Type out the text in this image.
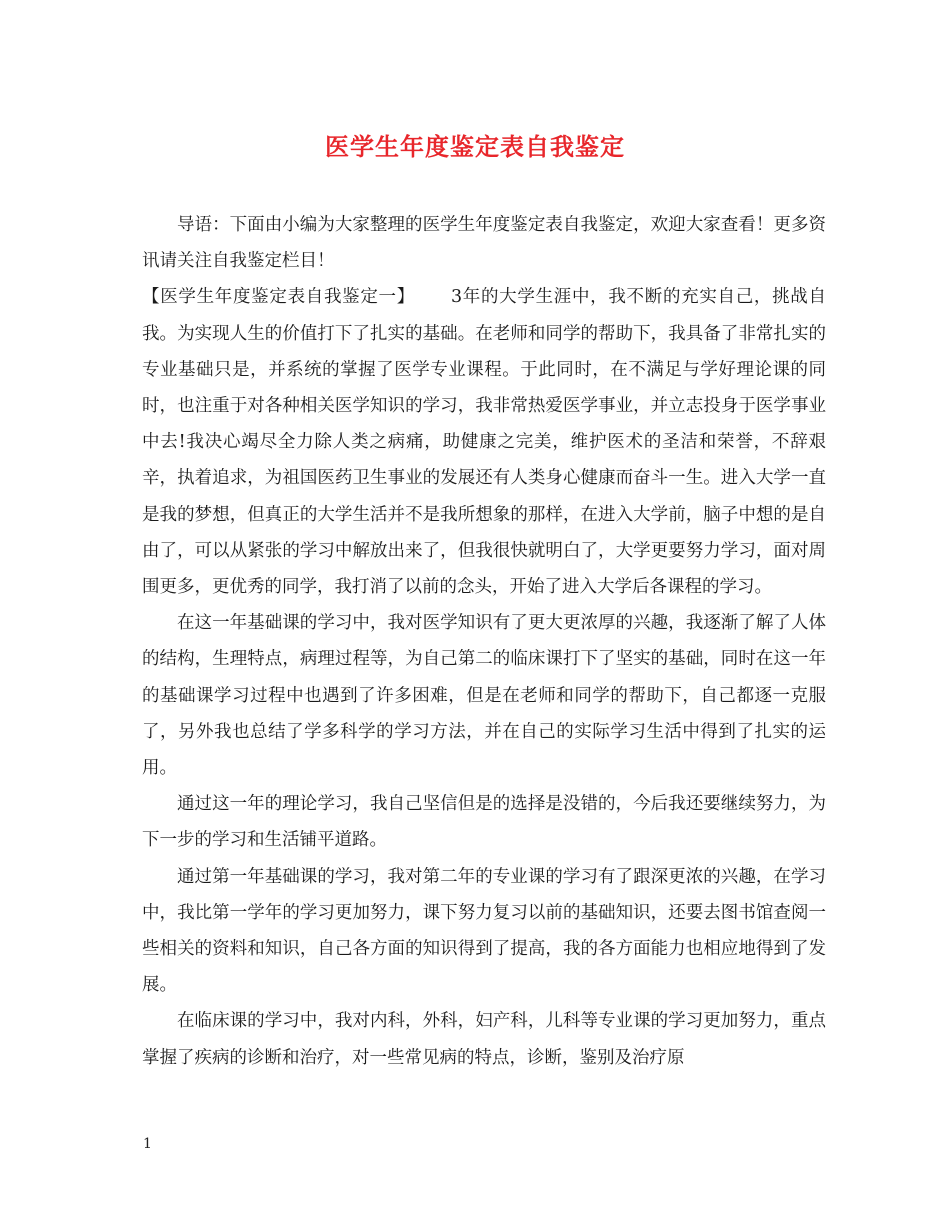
医学生年度鉴定表自我鉴定

导语：下面由小编为大家整理的医学生年度鉴定表自我鉴定，欢迎大家查看！更多资讯请关注自我鉴定栏目！

【医学生年度鉴定表自我鉴定一】 3年的大学生涯中，我不断的充实自己，挑战自我。为实现人生的价值打下了扎实的基础。在老师和同学的帮助下，我具备了非常扎实的专业基础只是，并系统的掌握了医学专业课程。于此同时，在不满足与学好理论课的同时，也注重于对各种相关医学知识的学习，我非常热爱医学事业，并立志投身于医学事业中去!我决心竭尽全力除人类之病痛，助健康之完美，维护医术的圣洁和荣誉，不辞艰辛，执着追求，为祖国医药卫生事业的发展还有人类身心健康而奋斗一生。进入大学一直是我的梦想，但真正的大学生活并不是我所想象的那样，在进入大学前，脑子中想的是自由了，可以从紧张的学习中解放出来了，但我很快就明白了，大学更要努力学习，面对周围更多，更优秀的同学，我打消了以前的念头，开始了进入大学后各课程的学习。

在这一年基础课的学习中，我对医学知识有了更大更浓厚的兴趣，我逐渐了解了人体的结构，生理特点，病理过程等，为自己第二的临床课打下了坚实的基础，同时在这一年的基础课学习过程中也遇到了许多困难，但是在老师和同学的帮助下，自己都逐一克服了，另外我也总结了学多科学的学习方法，并在自己的实际学习生活中得到了扎实的运用。

通过这一年的理论学习，我自己坚信但是的选择是没错的，今后我还要继续努力，为下一步的学习和生活铺平道路。

通过第一年基础课的学习，我对第二年的专业课的学习有了跟深更浓的兴趣，在学习中，我比第一学年的学习更加努力，课下努力复习以前的基础知识，还要去图书馆查阅一些相关的资料和知识，自己各方面的知识得到了提高，我的各方面能力也相应地得到了发展。

在临床课的学习中，我对内科，外科，妇产科，儿科等专业课的学习更加努力，重点掌握了疾病的诊断和治疗，对一些常见病的特点，诊断，鉴别及治疗原

1
